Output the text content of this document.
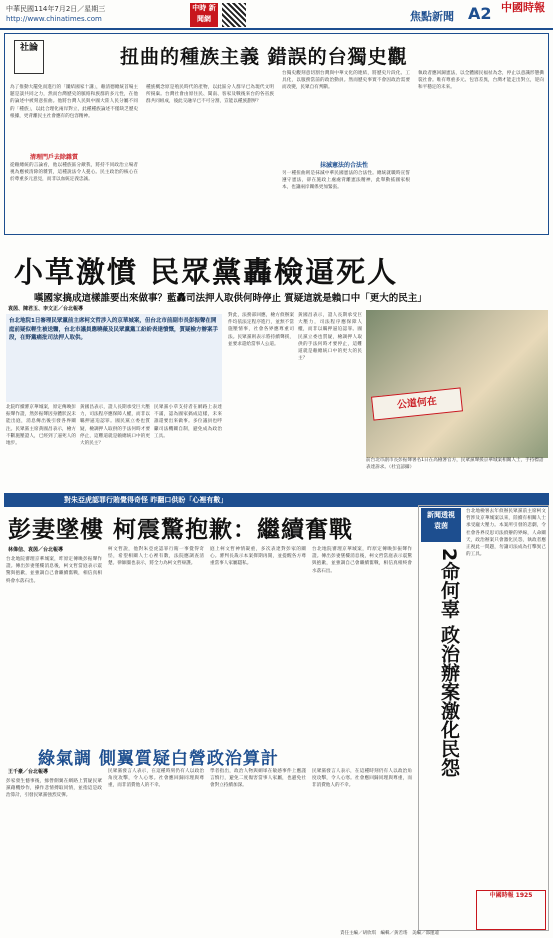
中華民國114年7月2日／星期三
http://www.chinatimes.com
中時 新聞網	焦點新聞 A2 中國時報
社論	扭曲的種族主義 錯誤的台獨史觀
為了推動大罷免而進行的「團結國家十講」，賴清德總統首場主題是談共同之力，然而台灣歷史的脈絡和族群的多元性，在他的論述中被刻意扭曲。他將台灣人民與中國大陸人民分屬不同的「種族」，以此合理化兩岸對立，此種種族論述不僅缺乏歷史根據，更背離民主社會應有的包容精神。
清理門戶去除雜質
從賴總統的言論看，他以種族區分敵我，將持不同政治立場者視為應被清除的雜質，這種說法令人憂心。民主政治的核心在於尊重多元意見，而非以血統定義忠誠。
種族概念原是殖民時代的產物，以此區分人群早已為現代文明所揚棄。台灣社會由原住民、閩南、客家及戰後來台的各省族群共同組成，彼此交融早已不可分割，豈能以種族劃界？
台獨史觀刻意切割台灣與中華文化的連結，將歷史片段化、工具化，以服務當前的政治動員。然而歷史事實不會因政治需要而改變，民眾自有判斷。
抹滅憲法的合法性
另一種扭曲則是抹滅中華民國憲法的合法性。總統就職時宣誓遵守憲法，卻在施政上處處背離憲法精神，此舉動搖國家根本，也讓兩岸關係更加緊張。
執政者應回歸憲法，以全體國民福祉為念，停止以意識形態撕裂社會。唯有尊重多元、包容差異，台灣才能走出對立，迎向和平穩定的未來。
小草激憤 民眾黨轟檢逼死人
嘆國家搞成這樣誰要出來做事？藍轟司法押人取供何時停止 質疑這就是賴口中「更大的民主」
袁茵、陳君玉、李文正／台北報導
台北地院1日審理民眾黨前主席柯文哲涉入的京華城案，但台北市前副市長彭振聲在開庭前疑似輕生被送醫，台北市議員應曉薇及民眾黨黨工紛紛表達憤慨，質疑檢方辦案手段，在野黨痛批司法押人取供。
北院昨續審京華城案，原定傳喚彭振聲作證，然彭振聲因身體狀況未能出庭，消息傳出後引發各界關注。民眾黨主席黃國昌表示，檢方不斷施壓證人，已經到了逼死人的地步。
黃國昌表示，證人長期承受巨大壓力，司法程序應保障人權，而非以羈押逼迫認罪。國民黨立委也質疑，檢調押人取供的手法何時才要停止，這難道就是賴總統口中的更大的民主？
民眾黨小草支持者在網路上表達不滿，認為國家搞成這樣，未來誰還要出來做事。多位議員也呼籲司法機關自制，避免成為政治工具。
對此，法務部回應，檢方偵辦案件均依法定程序進行，並無不當施壓情事，社會各界應尊重司法。民眾黨則表示將持續聲援，並要求還給當事人公道。
黃國昌表示，證人長期承受巨大壓力，司法程序應保障人權，而非以羈押逼迫認罪。國民黨立委也質疑，檢調押人取供的手法何時才要停止，這難道就是賴總統口中的更大的民主？
公道何在
前台北市副市長彭振聲署名1日在高檢署官方，民眾黨聲援京華城案相關人士，手持標語表達訴求。（杜宜諺攝）
對朱亞虎認罪行賄覺得奇怪 昨翻口供盼「心裡有數」
彭妻墜樓 柯震驚抱歉：繼續奮戰
林偉信、袁茵／台北報導
台北地院審理京華城案，昨原定傳喚彭振聲作證。傳出彭妻墜樓消息後，柯文哲當庭表示震驚與抱歉，並強調自己會繼續奮戰，相信真相終會水落石出。
柯文哲說，他對朱亞虎認罪行賄一事覺得奇怪，希望相關人士心裡有數，法院應調查清楚。律師團也表示，將全力為柯文哲辯護。
庭上柯文哲神情凝重，多次表達對彭家的關心。審判長裁示本案擇期再開，並提醒各方尊重當事人家屬隱私。
台北地院審理京華城案，昨原定傳喚彭振聲作證。傳出彭妻墜樓消息後，柯文哲當庭表示震驚與抱歉，並強調自己會繼續奮戰，相信真相終會水落石出。
綠氣調 側翼質疑白營政治算計
王千豪／台北報導
彭家發生憾事後，綠營側翼在網路上質疑民眾黨藉機炒作，操作悲情搏取同情，並指這是政治算計，引發民眾黨強烈反彈。
民眾黨發言人表示，在這種時刻仍有人以政治角度攻擊，令人心寒。社會應回歸同理與尊重，而非消費他人的不幸。
學者指出，政治人物與網軍在敏感事件上應謹言慎行，避免二度傷害當事人家屬，也避免社會對立持續加深。
民眾黨發言人表示，在這種時刻仍有人以政治角度攻擊，令人心寒。社會應回歸同理與尊重，而非消費他人的不幸。
新聞透視
袁茵
2命何辜 政治辦案激化民怨
台北地檢署去年偵辦民眾黨前主席柯文哲涉及京華城案以來，陸續有相關人士承受龐大壓力。本案所引發的悲劇，令社會各界反思司法偵辦的界線，人命關天，政治辦案只會激化民怨，執政者應正視此一問題，勿讓司法成為打擊異己的工具。
中國時報 1925
責任主編／胡欣琪　編輯／黃若瑤　美編／邵運遠
